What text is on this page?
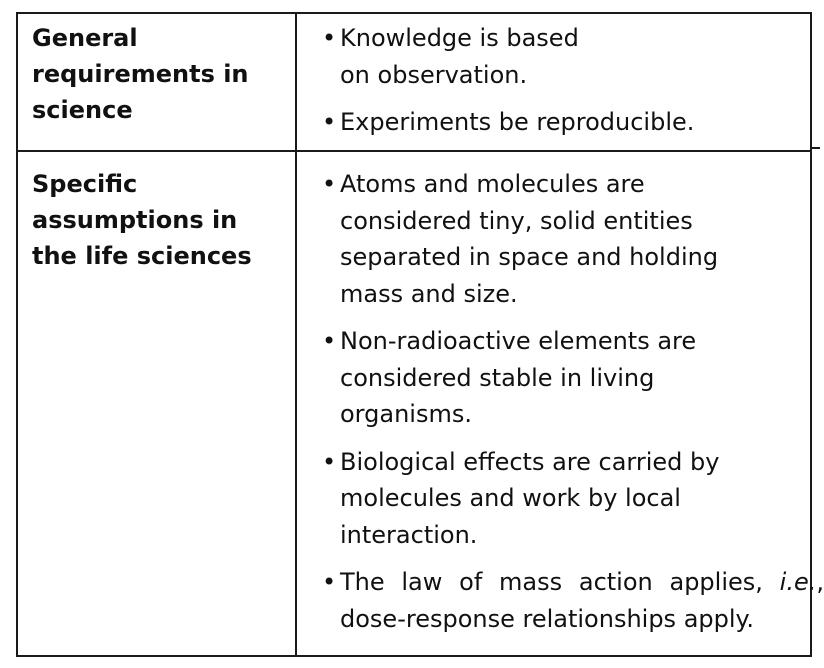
General requirements in science
• Knowledge is based on observation.
• Experiments be reproducible.
Specific assumptions in the life sciences
• Atoms and molecules are considered tiny, solid entities separated in space and holding mass and size.
• Non-radioactive elements are considered stable in living organisms.
• Biological effects are carried by molecules and work by local interaction.
• The law of mass action applies, i.e., dose-response relationships apply.
